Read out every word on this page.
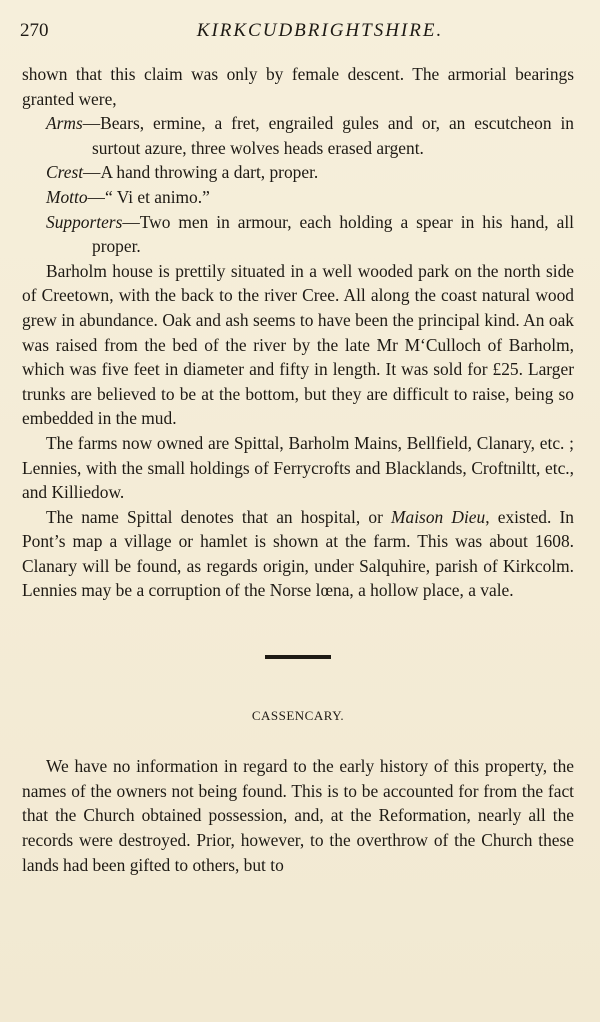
270	KIRKCUDBRIGHTSHIRE.

shown that this claim was only by female descent. The armorial bearings granted were,

Arms—Bears, ermine, a fret, engrailed gules and or, an escutcheon in surtout azure, three wolves heads erased argent.

Crest—A hand throwing a dart, proper.

Motto—“ Vi et animo.”

Supporters—Two men in armour, each holding a spear in his hand, all proper.

Barholm house is prettily situated in a well wooded park on the north side of Creetown, with the back to the river Cree. All along the coast natural wood grew in abundance. Oak and ash seems to have been the principal kind. An oak was raised from the bed of the river by the late Mr M‘Culloch of Barholm, which was five feet in diameter and fifty in length. It was sold for £25. Larger trunks are believed to be at the bottom, but they are difficult to raise, being so embedded in the mud.

The farms now owned are Spittal, Barholm Mains, Bellfield, Clanary, etc. ; Lennies, with the small holdings of Ferrycrofts and Blacklands, Croftniltt, etc., and Killiedow.

The name Spittal denotes that an hospital, or Maison Dieu, existed. In Pont’s map a village or hamlet is shown at the farm. This was about 1608. Clanary will be found, as regards origin, under Salquhire, parish of Kirkcolm. Lennies may be a corruption of the Norse lœna, a hollow place, a vale.

CASSENCARY.

We have no information in regard to the early history of this property, the names of the owners not being found. This is to be accounted for from the fact that the Church obtained possession, and, at the Reformation, nearly all the records were destroyed. Prior, however, to the overthrow of the Church these lands had been gifted to others, but to
